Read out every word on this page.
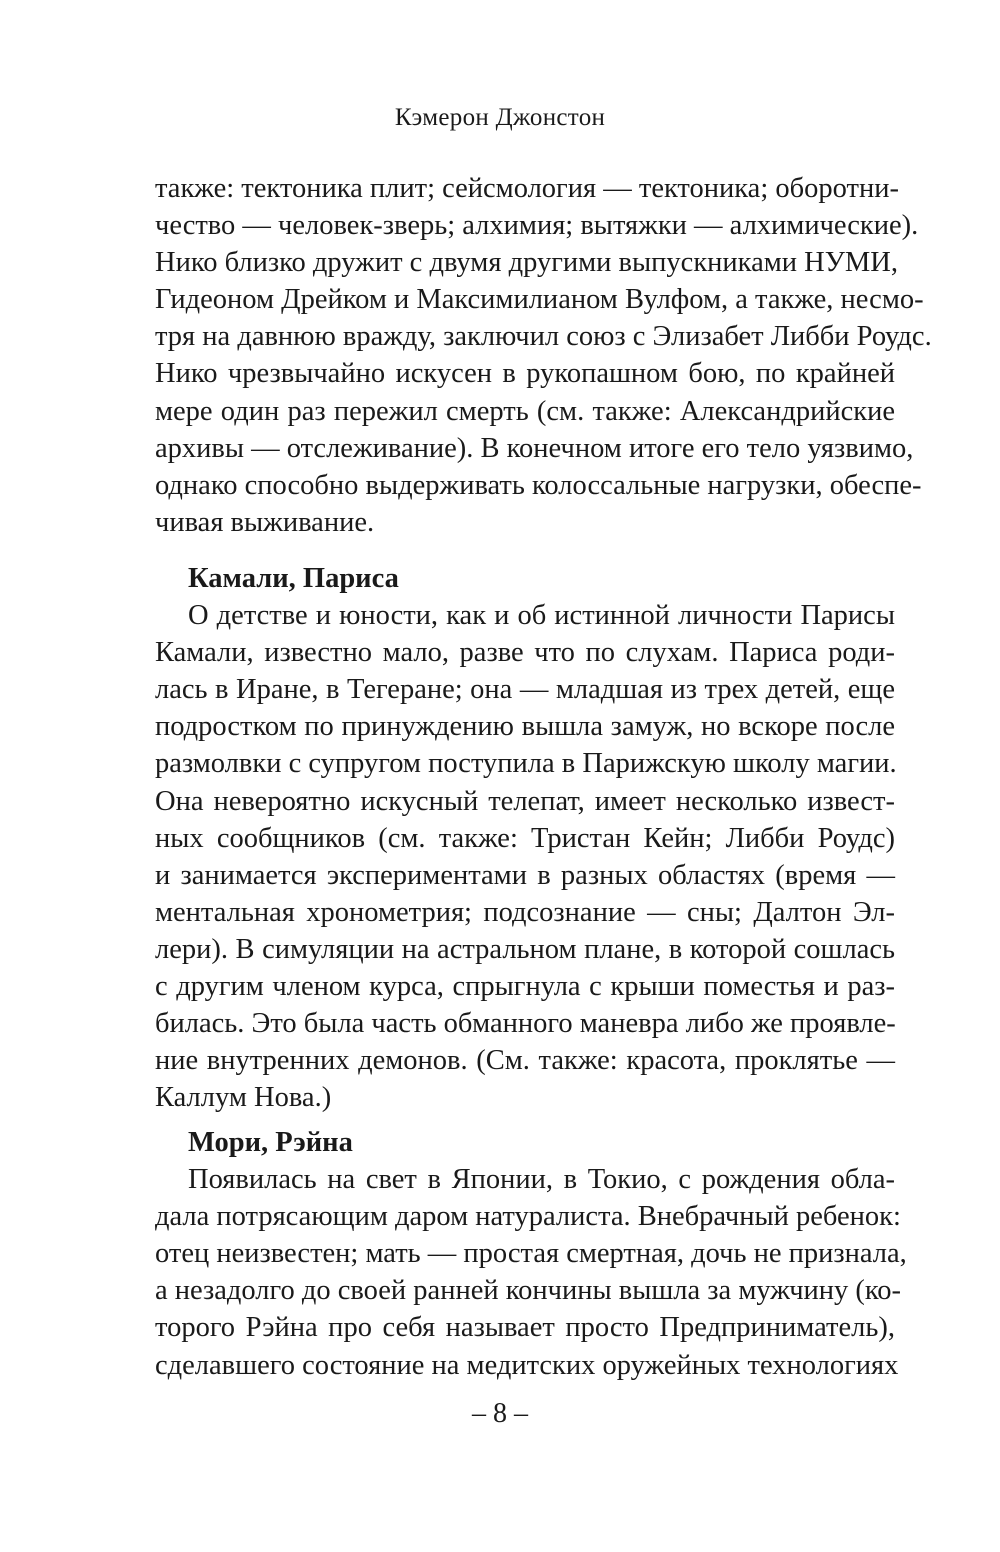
Кэмерон Джонстон
также: тектоника плит; сейсмология — тектоника; оборотни-
чество — человек-зверь; алхимия; вытяжки — алхимические).
Нико близко дружит с двумя другими выпускниками НУМИ,
Гидеоном Дрейком и Максимилианом Вулфом, а также, несмо-
тря на давнюю вражду, заключил союз с Элизабет Либби Роудс.
Нико чрезвычайно искусен в рукопашном бою, по крайней
мере один раз пережил смерть (см. также: Александрийские
архивы — отслеживание). В конечном итоге его тело уязвимо,
однако способно выдерживать колоссальные нагрузки, обеспе-
чивая выживание.
Камали, Париса
О детстве и юности, как и об истинной личности Парисы
Камали, известно мало, разве что по слухам. Париса роди-
лась в Иране, в Тегеране; она — младшая из трех детей, еще
подростком по принуждению вышла замуж, но вскоре после
размолвки с супругом поступила в Парижскую школу магии.
Она невероятно искусный телепат, имеет несколько извест-
ных сообщников (см. также: Тристан Кейн; Либби Роудс)
и занимается экспериментами в разных областях (время —
ментальная хронометрия; подсознание — сны; Далтон Эл-
лери). В симуляции на астральном плане, в которой сошлась
с другим членом курса, спрыгнула с крыши поместья и раз-
билась. Это была часть обманного маневра либо же проявле-
ние внутренних демонов. (См. также: красота, проклятье —
Каллум Нова.)
Мори, Рэйна
Появилась на свет в Японии, в Токио, с рождения обла-
дала потрясающим даром натуралиста. Внебрачный ребенок:
отец неизвестен; мать — простая смертная, дочь не признала,
а незадолго до своей ранней кончины вышла за мужчину (ко-
торого Рэйна про себя называет просто Предприниматель),
сделавшего состояние на медитских оружейных технологиях
– 8 –
